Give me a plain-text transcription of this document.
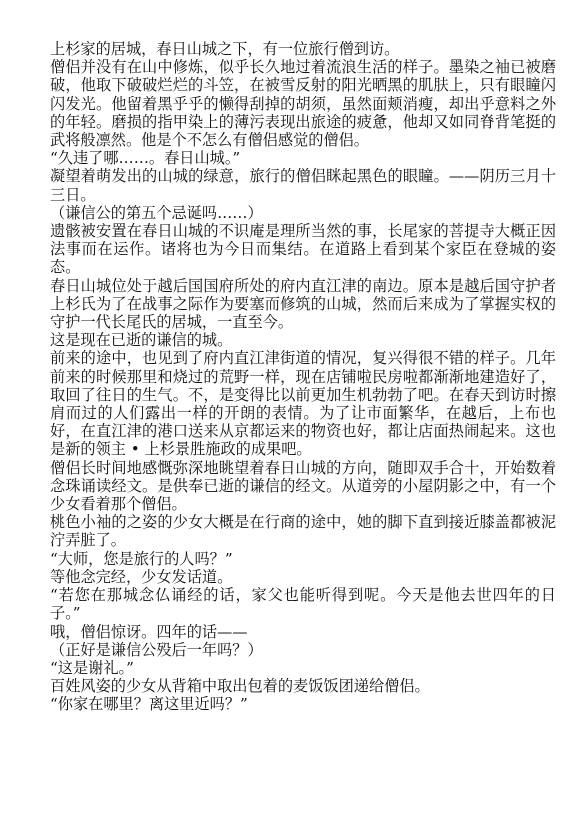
上杉家的居城，春日山城之下，有一位旅行僧到访。

僧侣并没有在山中修炼，似乎长久地过着流浪生活的样子。墨染之袖已被磨破，他取下破破烂烂的斗笠，在被雪反射的阳光晒黑的肌肤上，只有眼瞳闪闪发光。他留着黑乎乎的懒得刮掉的胡须，虽然面颊消瘦，却出乎意料之外的年轻。磨损的指甲染上的薄污表现出旅途的疲惫，他却又如同脊背笔挺的武将般凛然。他是个不怎么有僧侣感觉的僧侣。

“久违了哪……。春日山城。”

凝望着萌发出的山城的绿意，旅行的僧侣眯起黑色的眼瞳。——阴历三月十三日。

（谦信公的第五个忌诞吗……）

遗骸被安置在春日山城的不识庵是理所当然的事，长尾家的菩提寺大概正因法事而在运作。诸将也为今日而集结。在道路上看到某个家臣在登城的姿态。

春日山城位处于越后国国府所处的府内直江津的南边。原本是越后国守护者上杉氏为了在战事之际作为要塞而修筑的山城，然而后来成为了掌握实权的守护一代长尾氏的居城，一直至今。

这是现在已逝的谦信的城。

前来的途中，也见到了府内直江津街道的情况，复兴得很不错的样子。几年前来的时候那里和烧过的荒野一样，现在店铺啦民房啦都渐渐地建造好了，取回了往日的生气。不，是变得比以前更加生机勃勃了吧。在春天到访时擦肩而过的人们露出一样的开朗的表情。为了让市面繁华，在越后，上布也好，在直江津的港口送来从京都运来的物资也好，都让店面热闹起来。这也是新的领主 • 上杉景胜施政的成果吧。

僧侣长时间地感慨弥深地眺望着春日山城的方向，随即双手合十，开始数着念珠诵读经文。是供奉已逝的谦信的经文。从道旁的小屋阴影之中，有一个少女看着那个僧侣。

桃色小袖的之姿的少女大概是在行商的途中，她的脚下直到接近膝盖都被泥泞弄脏了。

“大师，您是旅行的人吗？”

等他念完经，少女发话道。

“若您在那城念仏诵经的话，家父也能听得到呢。今天是他去世四年的日子。”

哦，僧侣惊讶。四年的话——

（正好是谦信公殁后一年吗？）

“这是谢礼。”

百姓风姿的少女从背箱中取出包着的麦饭饭团递给僧侣。

“你家在哪里？离这里近吗？”
